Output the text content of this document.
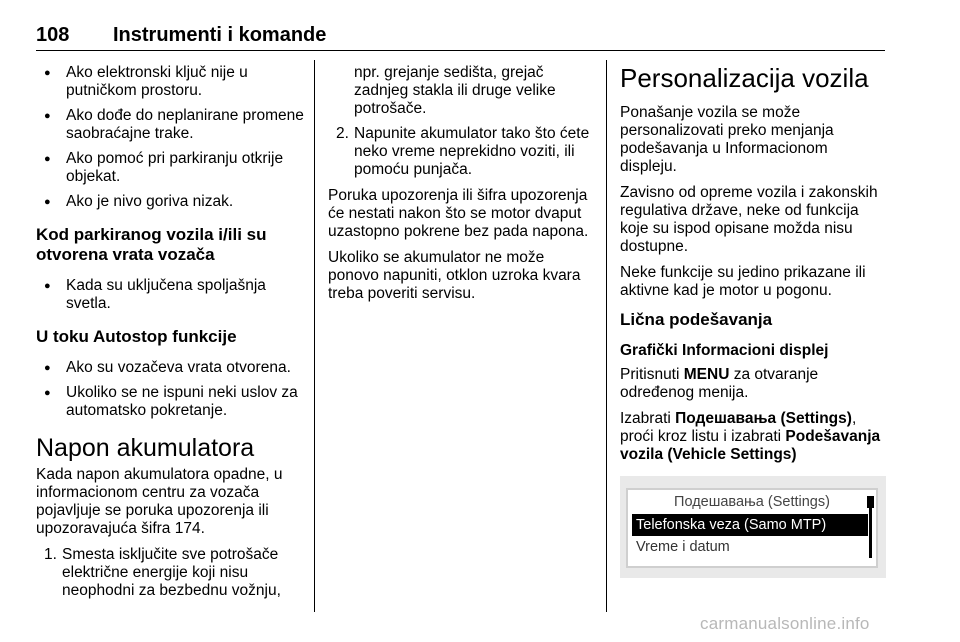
108 Instrumenti i komande
● Ako elektronski ključ nije u putničkom prostoru.
● Ako dođe do neplanirane promene saobraćajne trake.
● Ako pomoć pri parkiranju otkrije objekat.
● Ako je nivo goriva nizak.
Kod parkiranog vozila i/ili su otvorena vrata vozača
● Kada su uključena spoljašnja svetla.
U toku Autostop funkcije
● Ako su vozačeva vrata otvorena.
● Ukoliko se ne ispuni neki uslov za automatsko pokretanje.
Napon akumulatora

Kada napon akumulatora opadne, u informacionom centru za vozača pojavljuje se poruka upozorenja ili upozoravajuća šifra 174.

1. Smesta isključite sve potrošače električne energije koji nisu neophodni za bezbednu vožnju,
npr. grejanje sedišta, grejač zadnjeg stakla ili druge velike potrošače.
2. Napunite akumulator tako što ćete neko vreme neprekidno voziti, ili pomoću punjača.

Poruka upozorenja ili šifra upozorenja će nestati nakon što se motor dvaput uzastopno pokrene bez pada napona.

Ukoliko se akumulator ne može ponovo napuniti, otklon uzroka kvara treba poveriti servisu.

Personalizacija vozila

Ponašanje vozila se može personalizovati preko menjanja podešavanja u Informacionom displeju.

Zavisno od opreme vozila i zakonskih regulativa države, neke od funkcija koje su ispod opisane možda nisu dostupne.

Neke funkcije su jedino prikazane ili aktivne kad je motor u pogonu.

Lična podešavanja
Grafički Informacioni displej

Pritisnuti MENU za otvaranje određenog menija.

Izabrati Подешавања (Settings), proći kroz listu i izabrati Podešavanja vozila (Vehicle Settings)

Подешавања (Settings)
Telefonska veza (Samo MTP)
Vreme i datum
carmanualsonline.info
